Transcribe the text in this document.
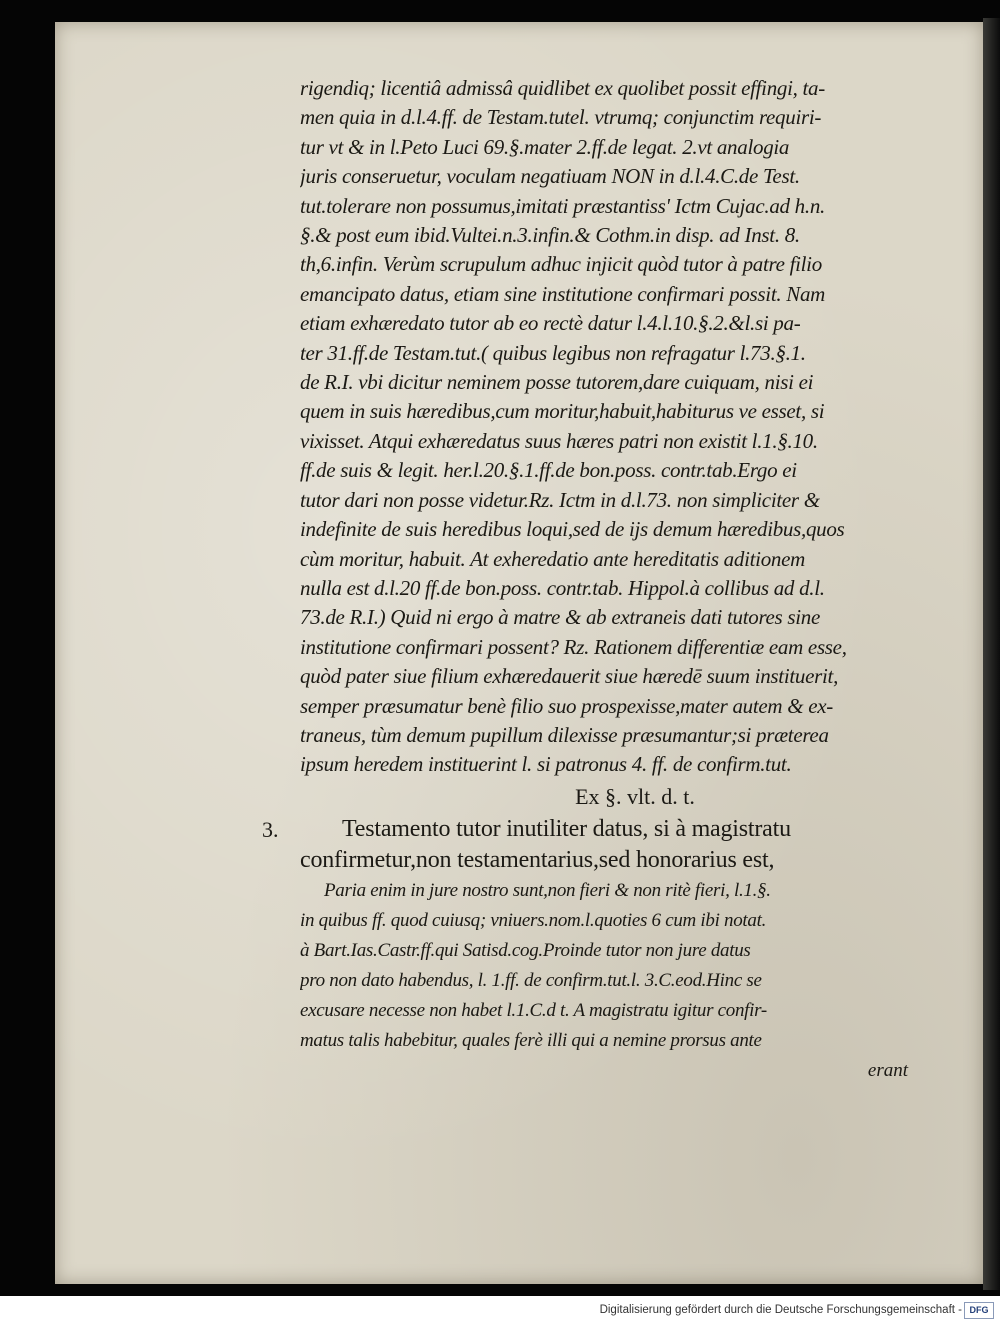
rigendiq; licentiâ admissâ quidlibet ex quolibet possit effingi, ta-
men quia in d.l.4.ff. de Testam.tutel. vtrumq; conjunctim requiri-
tur vt & in l.Peto Luci 69.§.mater 2.ff.de legat. 2.vt analogia
juris conseruetur, voculam negatiuam NON in d.l.4.C.de Test.
tut.tolerare non possumus,imitati præstantiss' Ictm Cujac.ad h.n.
§.& post eum ibid.Vultei.n.3.infin.& Cothm.in disp. ad Inst. 8.
th,6.infin. Verùm scrupulum adhuc injicit quòd tutor à patre filio
emancipato datus, etiam sine institutione confirmari possit. Nam
etiam exhæredato tutor ab eo rectè datur l.4.l.10.§.2.&l.si pa-
ter 31.ff.de Testam.tut.( quibus legibus non refragatur l.73.§.1.
de R.I. vbi dicitur neminem posse tutorem,dare cuiquam, nisi ei
quem in suis hæredibus,cum moritur,habuit,habiturus ve esset, si
vixisset. Atqui exhæredatus suus hæres patri non existit l.1.§.10.
ff.de suis & legit. her.l.20.§.1.ff.de bon.poss. contr.tab.Ergo ei
tutor dari non posse videtur.Rz. Ictm in d.l.73. non simpliciter &
indefinite de suis heredibus loqui,sed de ijs demum hæredibus,quos
cùm moritur, habuit. At exheredatio ante hereditatis aditionem
nulla est d.l.20 ff.de bon.poss. contr.tab. Hippol.à collibus ad d.l.
73.de R.I.) Quid ni ergo à matre & ab extraneis dati tutores sine
institutione confirmari possent? Rz. Rationem differentiæ eam esse,
quòd pater siue filium exhæredauerit siue hæredē suum instituerit,
semper præsumatur benè filio suo prospexisse,mater autem & ex-
traneus, tùm demum pupillum dilexisse præsumantur;si præterea
ipsum heredem instituerint l. si patronus 4. ff. de confirm.tut.
Ex §. vlt. d. t.
3.	Testamento tutor inutiliter datus, si à magistratu
confirmetur,non testamentarius,sed honorarius est,
Paria enim in jure nostro sunt,non fieri & non ritè fieri, l.1.§.
in quibus ff. quod cuiusq; vniuers.nom.l.quoties 6 cum ibi notat.
à Bart.Ias.Castr.ff.qui Satisd.cog.Proinde tutor non jure datus
pro non dato habendus, l. 1.ff. de confirm.tut.l. 3.C.eod.Hinc se
excusare necesse non habet l.1.C.d t. A magistratu igitur confir-
matus talis habebitur, quales ferè illi qui a nemine prorsus ante
erant
Digitalisierung gefördert durch die Deutsche Forschungsgemeinschaft - DFG
